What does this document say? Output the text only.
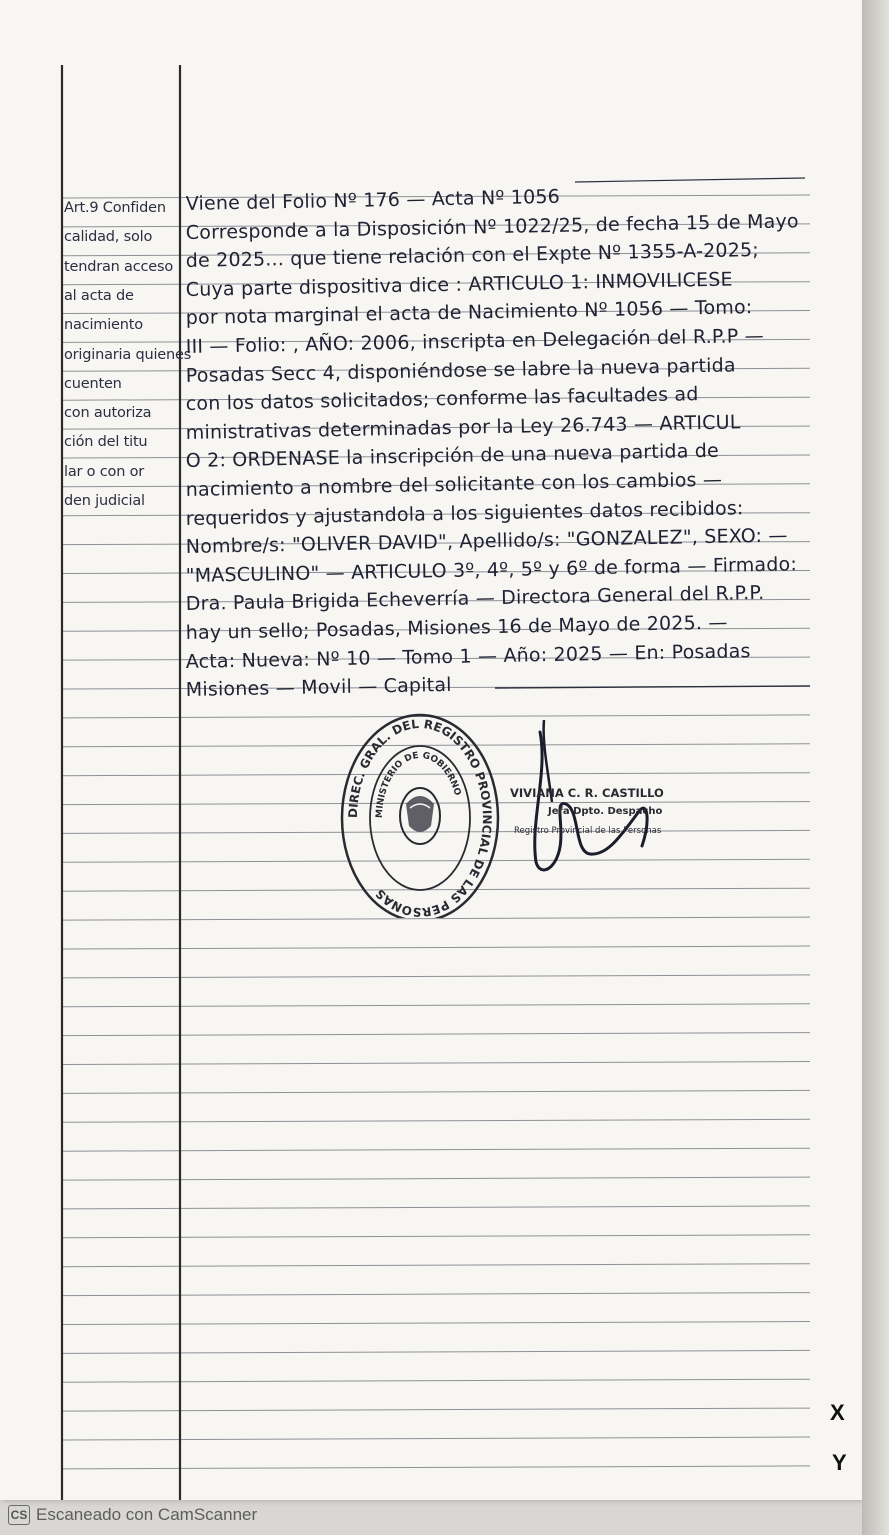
Art.9 Confiden
calidad, solo
tendran acceso
al acta de
nacimiento
originaria quienes
cuenten
con autoriza
ción del titu
lar o con or
den judicial
Viene del Folio Nº 176 — Acta Nº 1056
Corresponde a la Disposición Nº 1022/25, de fecha 15 de Mayo
de 2025... que tiene relación con el Expte Nº 1355-A-2025;
Cuya parte dispositiva dice : ARTICULO 1: INMOVILICESE
por nota marginal el acta de Nacimiento Nº 1056 — Tomo:
III — Folio: , AÑO: 2006, inscripta en Delegación del R.P.P —
Posadas Secc 4, disponiéndose se labre la nueva partida
con los datos solicitados; conforme las facultades ad
ministrativas determinadas por la Ley 26.743 — ARTICUL
O 2: ORDENASE la inscripción de una nueva partida de
nacimiento a nombre del solicitante con los cambios —
requeridos y ajustandola a los siguientes datos recibidos:
Nombre/s: "OLIVER DAVID", Apellido/s: "GONZALEZ", SEXO: —
"MASCULINO" — ARTICULO 3º, 4º, 5º y 6º de forma — Firmado:
Dra. Paula Brigida Echeverría — Directora General del R.P.P.
hay un sello; Posadas, Misiones 16 de Mayo de 2025. —
Acta: Nueva: Nº 10 — Tomo 1 — Año: 2025 — En: Posadas
Misiones — Movil — Capital
DIREC. GRAL. DEL REGISTRO PROVINCIAL DE LAS PERSONAS
MINISTERIO DE GOBIERNO	VIVIANA C. R. CASTILLO
Jefa Dpto. Despacho
Registro Provincial de las Personas
X
Y
CS Escaneado con CamScanner
